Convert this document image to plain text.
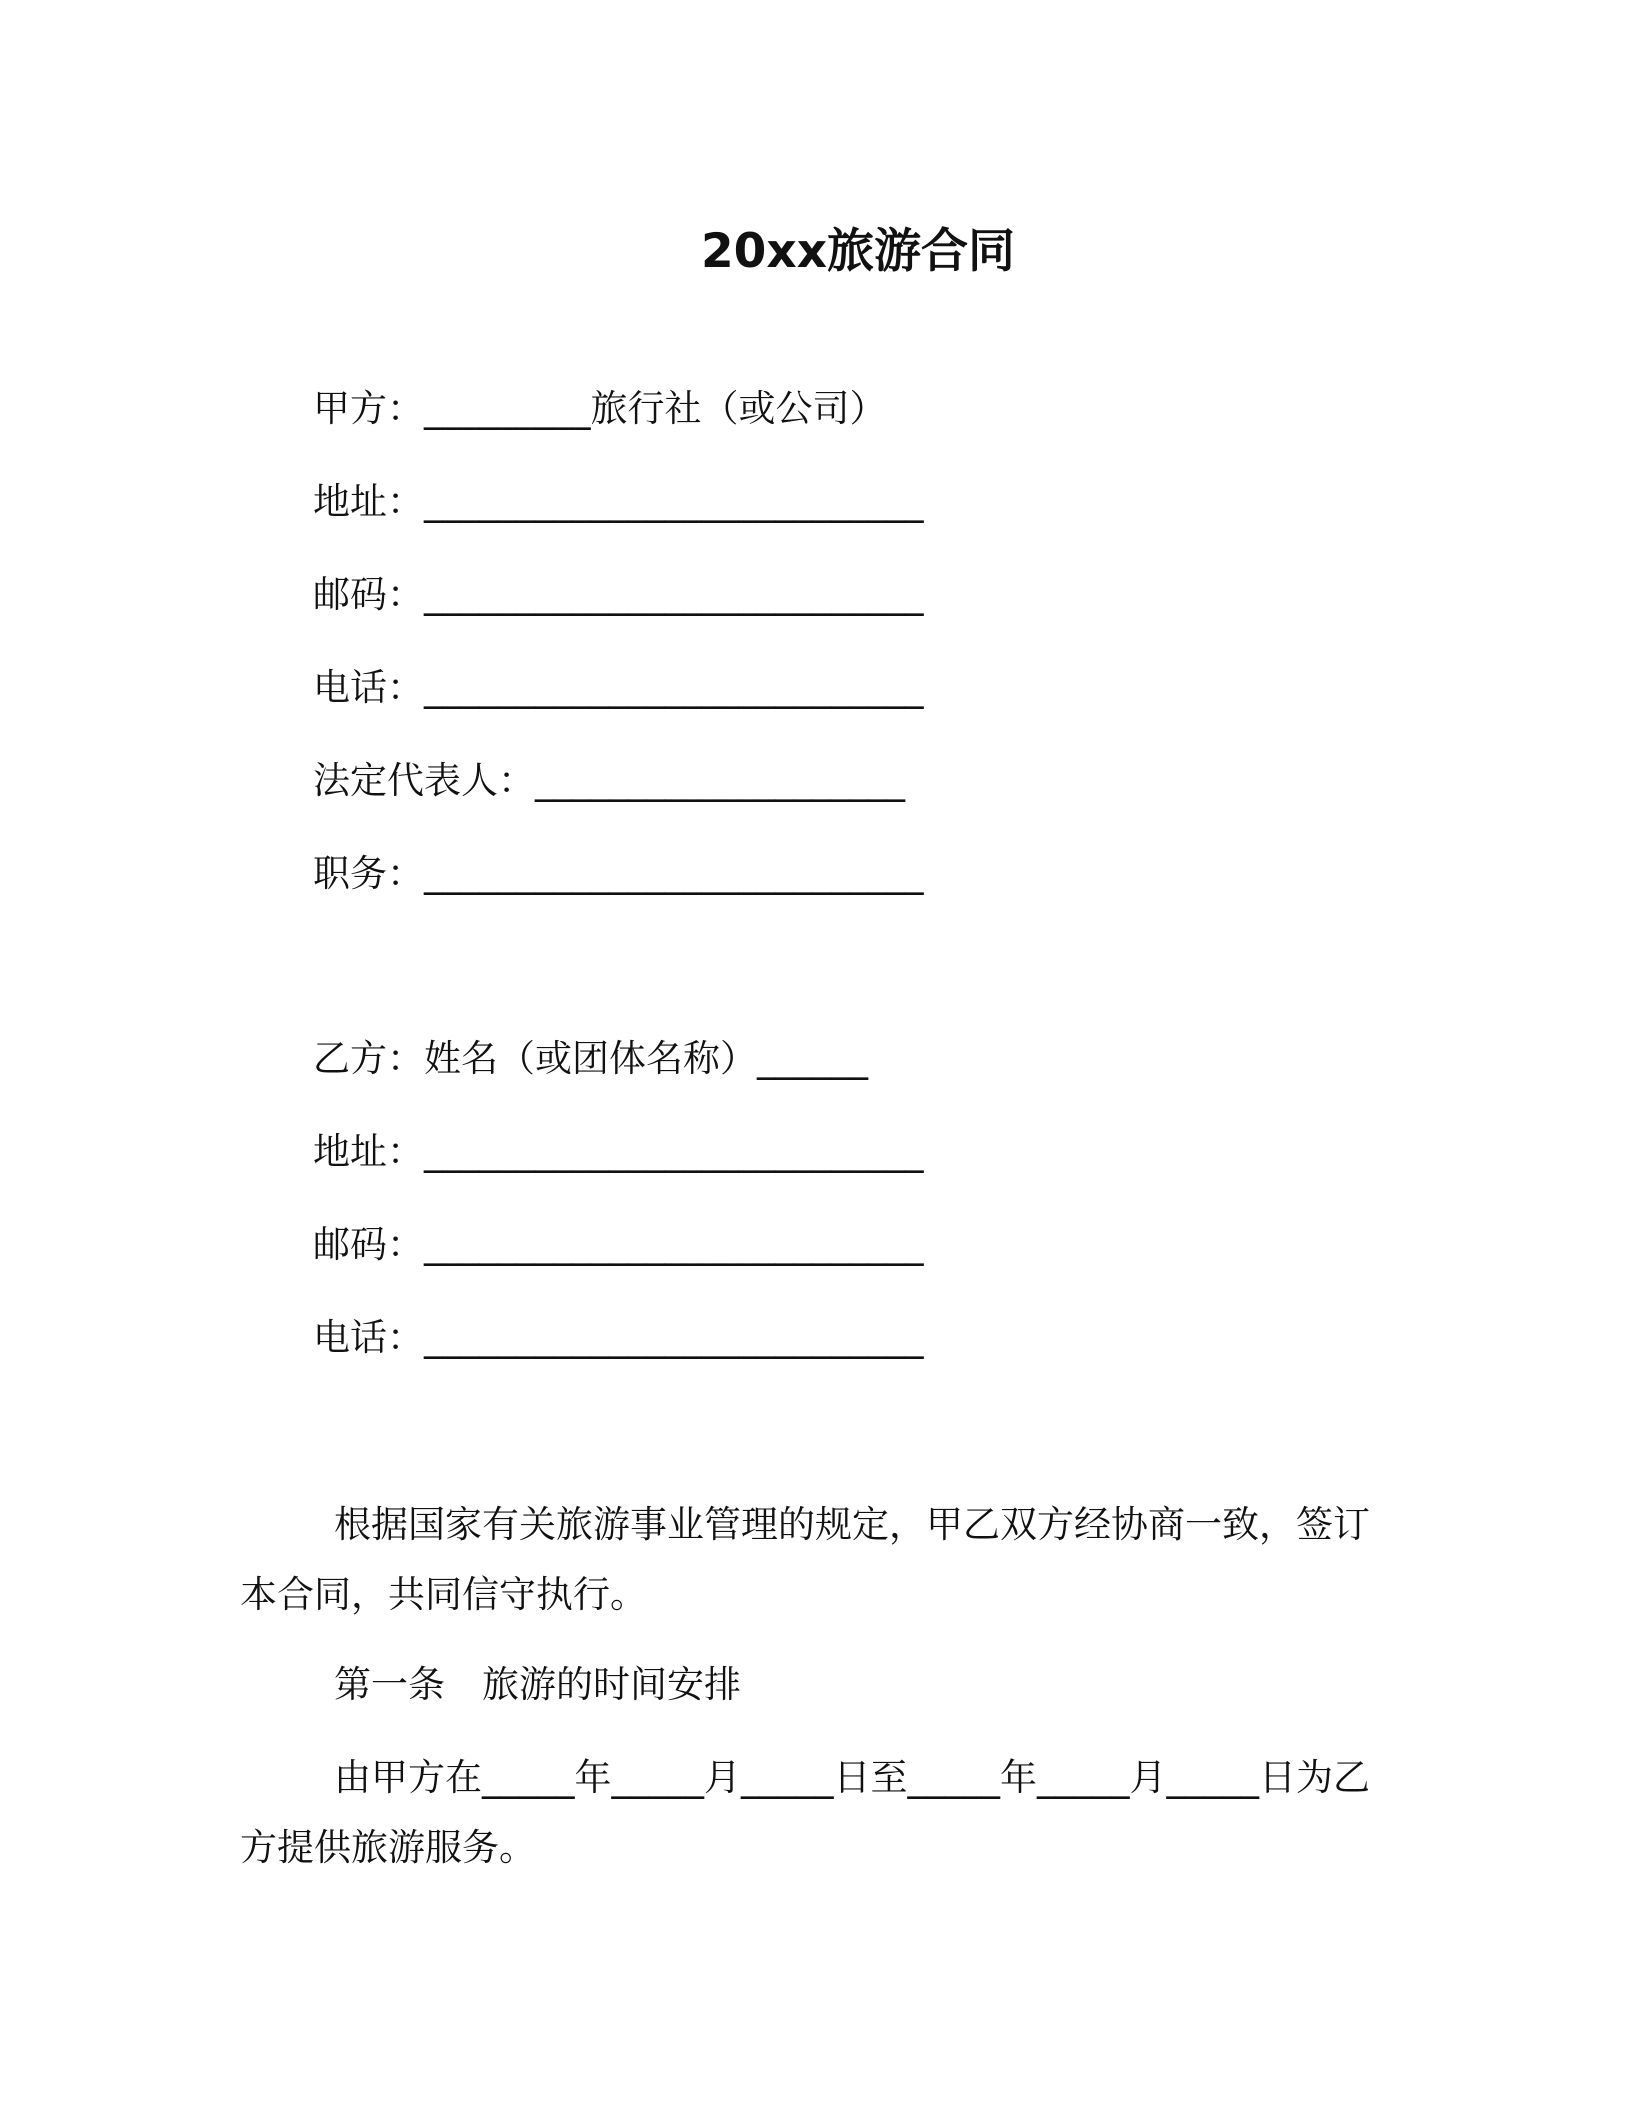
20xx旅游合同
甲方：_________旅行社（或公司）
地址：___________________________
邮码：___________________________
电话：___________________________
法定代表人：____________________
职务：___________________________
乙方：姓名（或团体名称）______
地址：___________________________
邮码：___________________________
电话：___________________________

根据国家有关旅游事业管理的规定，甲乙双方经协商一致，签订本合同，共同信守执行。

第一条　旅游的时间安排

由甲方在_____年_____月_____日至_____年_____月_____日为乙方提供旅游服务。
